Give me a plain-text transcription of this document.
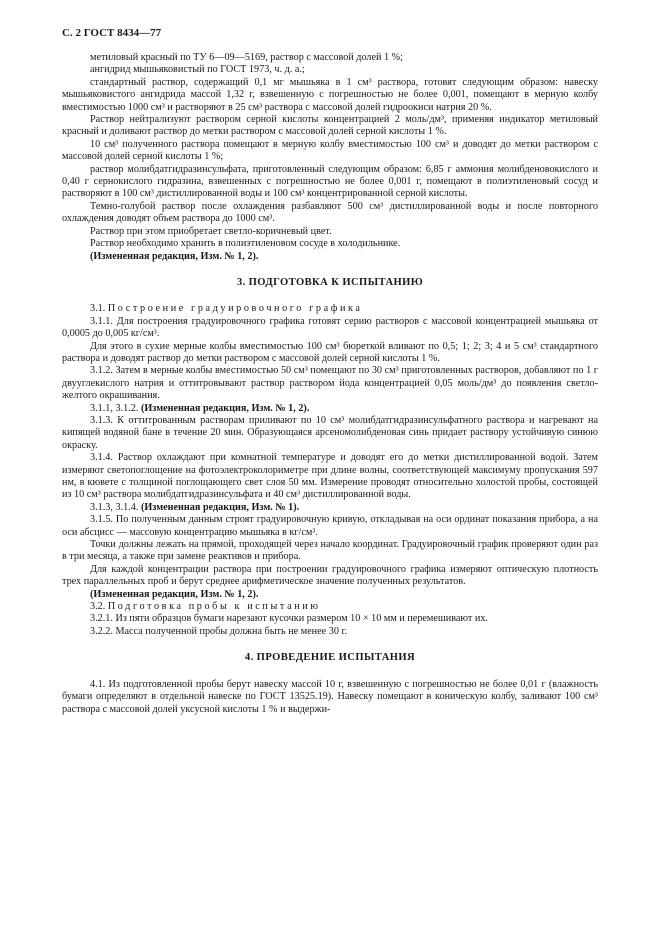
С. 2 ГОСТ 8434—77

метиловый красный по ТУ 6—09—5169, раствор с массовой долей 1 %;

ангидрид мышьяковистый по ГОСТ 1973, ч. д. а.;

стандартный раствор, содержащий 0,1 мг мышьяка в 1 см³ раствора, готовят следующим образом: навеску мышьяковистого ангидрида массой 1,32 г, взвешенную с погрешностью не более 0,001, помещают в мерную колбу вместимостью 1000 см³ и растворяют в 25 см³ раствора с массовой долей гидроокиси натрия 20 %.

Раствор нейтрализуют раствором серной кислоты концентрацией 2 моль/дм³, применяя индикатор метиловый красный и доливают раствор до метки раствором с массовой долей серной кислоты 1 %.

10 см³ полученного раствора помещают в мерную колбу вместимостью 100 см³ и доводят до метки раствором с массовой долей серной кислоты 1 %;

раствор молибдатгидразинсульфата, приготовленный следующим образом: 6,85 г аммония молибденовокислого и 0,40 г сернокислого гидразина, взвешенных с погрешностью не более 0,001 г, помещают в полиэтиленовый сосуд и растворяют в 100 см³ дистиллированной воды и 100 см³ концентрированной серной кислоты.

Темно-голубой раствор после охлаждения разбавляют 500 см³ дистиллированной воды и после повторного охлаждения доводят объем раствора до 1000 см³.

Раствор при этом приобретает светло-коричневый цвет.

Раствор необходимо хранить в полиэтиленовом сосуде в холодильнике.

(Измененная редакция, Изм. № 1, 2).

3. ПОДГОТОВКА К ИСПЫТАНИЮ

3.1. Построение градуировочного графика

3.1.1. Для построения градуировочного графика готовят серию растворов с массовой концентрацией мышьяка от 0,0005 до 0,005 кг/см³.

Для этого в сухие мерные колбы вместимостью 100 см³ бюреткой вливают по 0,5; 1; 2; 3; 4 и 5 см³ стандартного раствора и доводят раствор до метки раствором с массовой долей серной кислоты 1 %.

3.1.2. Затем в мерные колбы вместимостью 50 см³ помещают по 30 см³ приготовленных растворов, добавляют по 1 г двууглекислого натрия и оттитровывают раствор раствором йода концентрацией 0,05 моль/дм³ до появления светло-желтого окрашивания.

3.1.1, 3.1.2. (Измененная редакция, Изм. № 1, 2).

3.1.3. К оттитрованным растворам приливают по 10 см³ молибдатгидразинсульфатного раствора и нагревают на кипящей водяной бане в течение 20 мин. Образующаяся арсеномолибденовая синь придает раствору устойчивую синюю окраску.

3.1.4. Раствор охлаждают при комнатной температуре и доводят его до метки дистиллированной водой. Затем измеряют светопоглощение на фотоэлектроколориметре при длине волны, соответствующей максимуму пропускания 597 нм, в кювете с толщиной поглощающего свет слоя 50 мм. Измерение проводят относительно холостой пробы, состоящей из 10 см³ раствора молибдатгидразинсульфата и 40 см³ дистиллированной воды.

3.1.3, 3.1.4. (Измененная редакция, Изм. № 1).

3.1.5. По полученным данным строят градуировочную кривую, откладывая на оси ординат показания прибора, а на оси абсцисс — массовую концентрацию мышьяка в кг/см³.

Точки должны лежать на прямой, проходящей через начало координат. Градуировочный график проверяют один раз в три месяца, а также при замене реактивов и прибора.

Для каждой концентрации раствора при построении градуировочного графика измеряют оптическую плотность трех параллельных проб и берут среднее арифметическое значение полученных результатов.

(Измененная редакция, Изм. № 1, 2).

3.2. Подготовка пробы к испытанию

3.2.1. Из пяти образцов бумаги нарезают кусочки размером 10 × 10 мм и перемешивают их.

3.2.2. Масса полученной пробы должна быть не менее 30 г.

4. ПРОВЕДЕНИЕ ИСПЫТАНИЯ

4.1. Из подготовленной пробы берут навеску массой 10 г, взвешенную с погрешностью не более 0,01 г (влажность бумаги определяют в отдельной навеске по ГОСТ 13525.19). Навеску помещают в коническую колбу, заливают 100 см³ раствора с массовой долей уксусной кислоты 1 % и выдержи-
